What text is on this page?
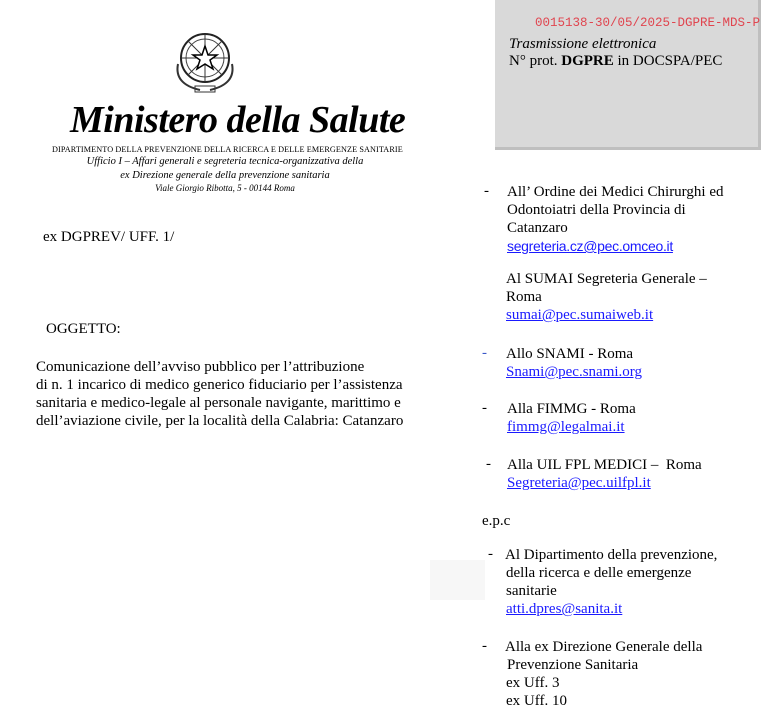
0015138-30/05/2025-DGPRE-MDS-P
Trasmissione elettronica
N° prot. DGPRE in DOCSPA/PEC
Ministero della Salute
DIPARTIMENTO DELLA PREVENZIONE DELLA RICERCA E DELLE EMERGENZE SANITARIE
Ufficio I – Affari generali e segreteria tecnica-organizzativa della
ex Direzione generale della prevenzione sanitaria
Viale Giorgio Ribotta, 5 - 00144 Roma
ex DGPREV/ UFF. 1/
OGGETTO:
Comunicazione dell’avviso pubblico per l’attribuzione
di n. 1 incarico di medico generico fiduciario per l’assistenza
sanitaria e medico-legale al personale navigante, marittimo e
dell’aviazione civile, per la località della Calabria: Catanzaro
- All’ Ordine dei Medici Chirurghi ed
Odontoiatri della Provincia di
Catanzaro
segreteria.cz@pec.omceo.it
Al SUMAI Segreteria Generale –
Roma
sumai@pec.sumaiweb.it
- Allo SNAMI - Roma
Snami@pec.snami.org
- Alla FIMMG - Roma
fimmg@legalmai.it
- Alla UIL FPL MEDICI –  Roma
Segreteria@pec.uilfpl.it
e.p.c
- Al Dipartimento della prevenzione,
della ricerca e delle emergenze
sanitarie
atti.dpres@sanita.it
- Alla ex Direzione Generale della
Prevenzione Sanitaria
ex Uff. 3
ex Uff. 10
